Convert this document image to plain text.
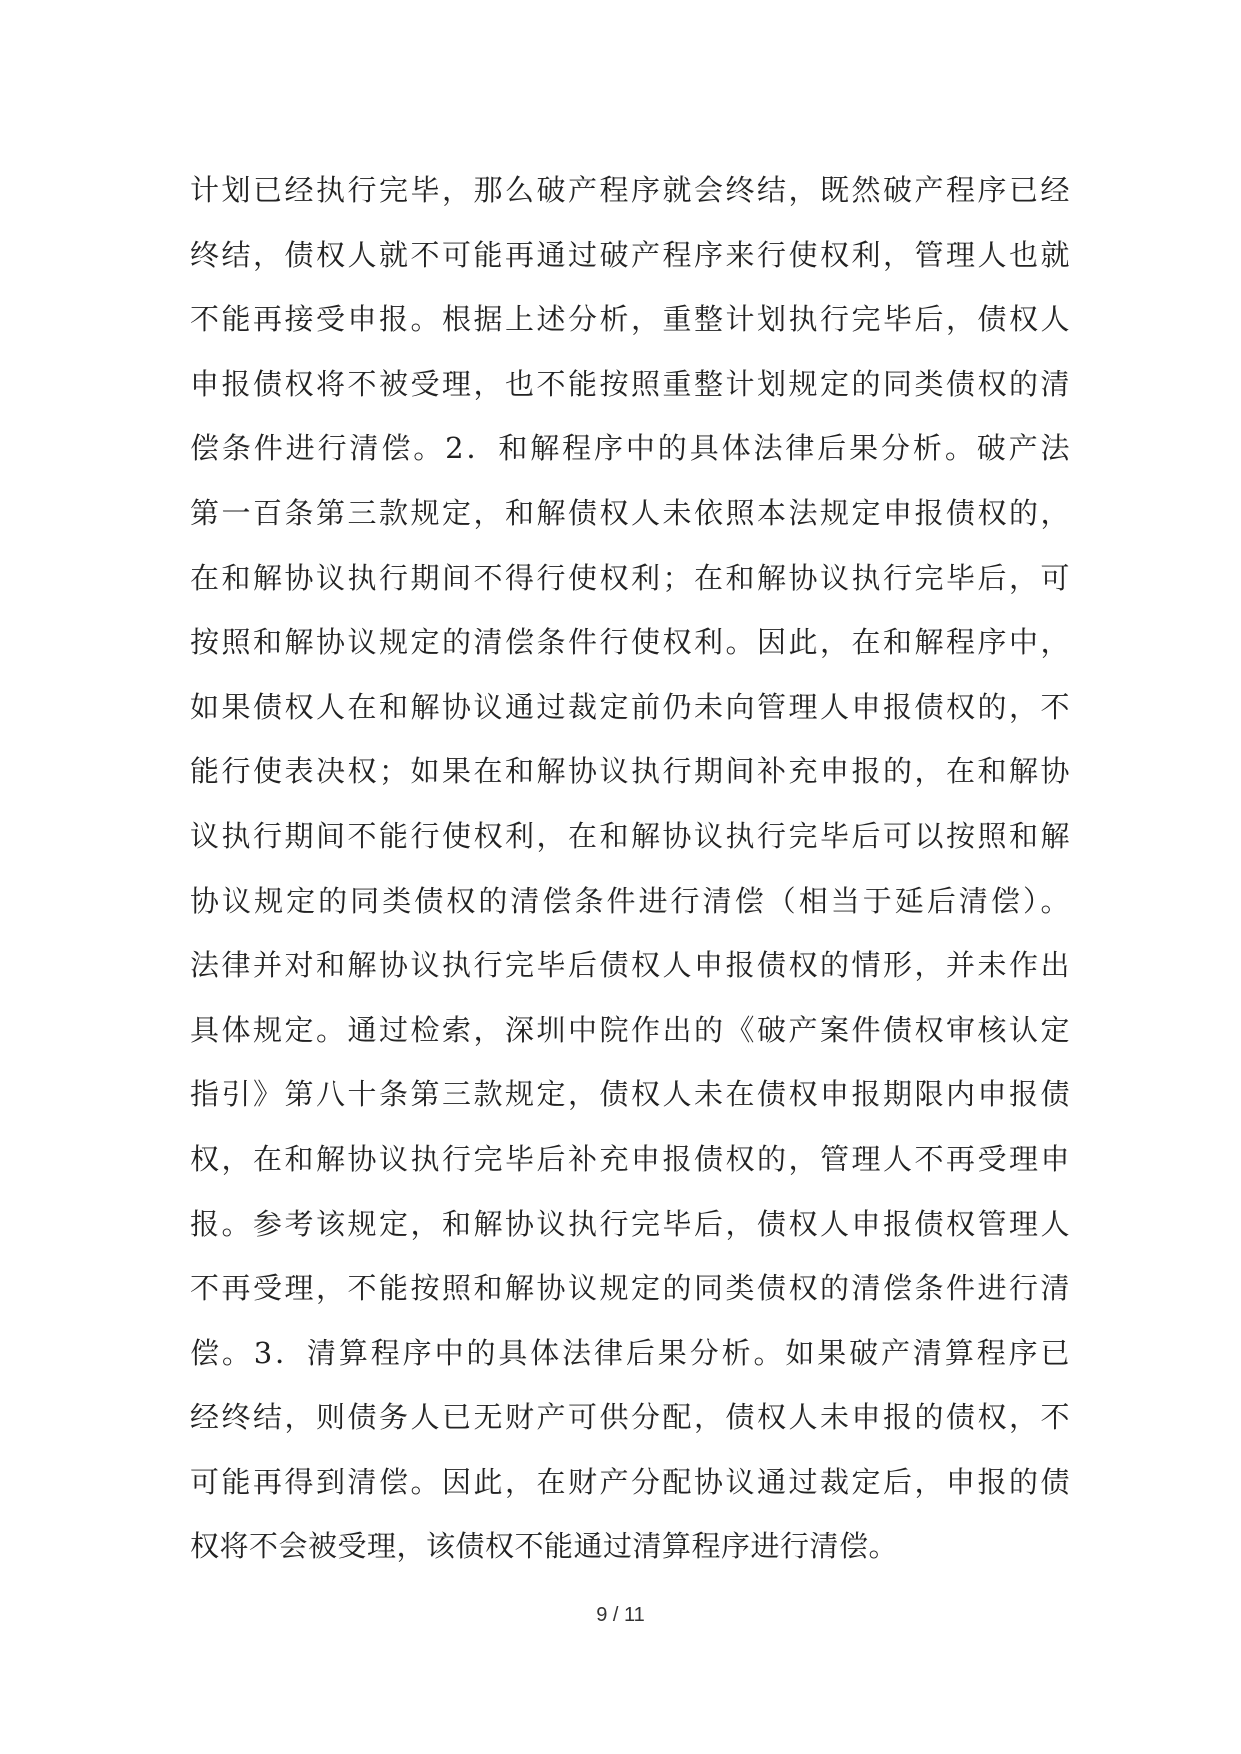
计划已经执行完毕，那么破产程序就会终结，既然破产程序已经
终结，债权人就不可能再通过破产程序来行使权利，管理人也就
不能再接受申报。根据上述分析，重整计划执行完毕后，债权人
申报债权将不被受理，也不能按照重整计划规定的同类债权的清
偿条件进行清偿。2．和解程序中的具体法律后果分析。破产法
第一百条第三款规定，和解债权人未依照本法规定申报债权的，
在和解协议执行期间不得行使权利；在和解协议执行完毕后，可
按照和解协议规定的清偿条件行使权利。因此，在和解程序中，
如果债权人在和解协议通过裁定前仍未向管理人申报债权的，不
能行使表决权；如果在和解协议执行期间补充申报的，在和解协
议执行期间不能行使权利，在和解协议执行完毕后可以按照和解
协议规定的同类债权的清偿条件进行清偿（相当于延后清偿）。
法律并对和解协议执行完毕后债权人申报债权的情形，并未作出
具体规定。通过检索，深圳中院作出的《破产案件债权审核认定
指引》第八十条第三款规定，债权人未在债权申报期限内申报债
权，在和解协议执行完毕后补充申报债权的，管理人不再受理申
报。参考该规定，和解协议执行完毕后，债权人申报债权管理人
不再受理，不能按照和解协议规定的同类债权的清偿条件进行清
偿。3．清算程序中的具体法律后果分析。如果破产清算程序已
经终结，则债务人已无财产可供分配，债权人未申报的债权，不
可能再得到清偿。因此，在财产分配协议通过裁定后，申报的债
权将不会被受理，该债权不能通过清算程序进行清偿。
9 / 11
